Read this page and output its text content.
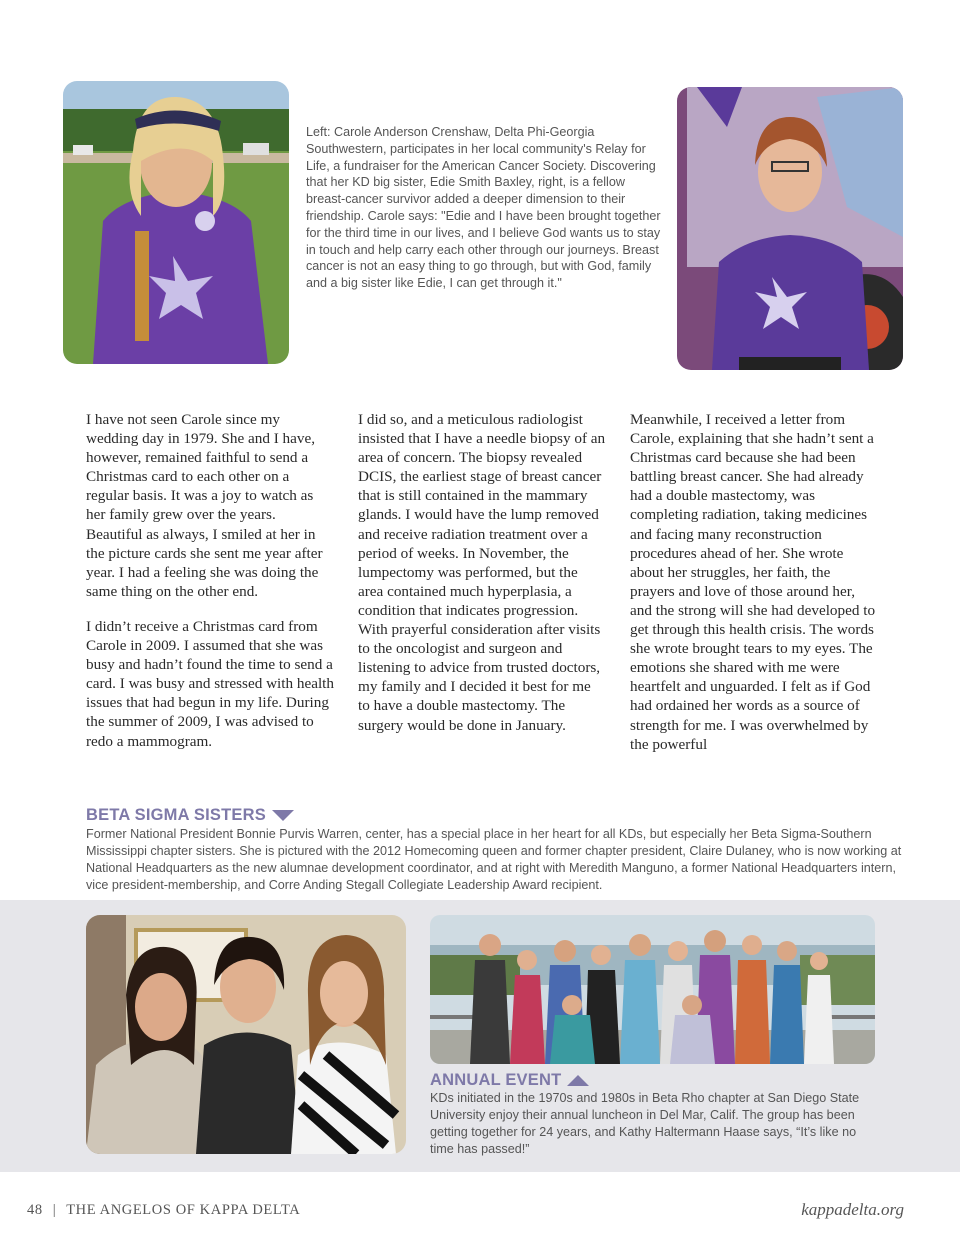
Left: Carole Anderson Crenshaw, Delta Phi-Georgia Southwestern, participates in her local community's Relay for Life, a fundraiser for the American Cancer Society. Discovering that her KD big sister, Edie Smith Baxley, right, is a fellow breast-cancer survivor added a deeper dimension to their friendship. Carole says: "Edie and I have been brought together for the third time in our lives, and I believe God wants us to stay in touch and help carry each other through our journeys. Breast cancer is not an easy thing to go through, but with God, family and a big sister like Edie, I can get through it."

I have not seen Carole since my wedding day in 1979. She and I have, however, remained faithful to send a Christmas card to each other on a regular basis. It was a joy to watch as her family grew over the years. Beautiful as always, I smiled at her in the picture cards she sent me year after year. I had a feeling she was doing the same thing on the other end.

I didn’t receive a Christmas card from Carole in 2009. I assumed that she was busy and hadn’t found the time to send a card. I was busy and stressed with health issues that had begun in my life. During the summer of 2009, I was advised to redo a mammogram.

I did so, and a meticulous radiologist insisted that I have a needle biopsy of an area of concern. The biopsy revealed DCIS, the earliest stage of breast cancer that is still contained in the mammary glands. I would have the lump removed and receive radiation treatment over a period of weeks. In November, the lumpectomy was performed, but the area contained much hyperplasia, a condition that indicates progression. With prayerful consideration after visits to the oncologist and surgeon and listening to advice from trusted doctors, my family and I decided it best for me to have a double mastectomy. The surgery would be done in January.

Meanwhile, I received a letter from Carole, explaining that she hadn’t sent a Christmas card because she had been battling breast cancer. She had already had a double mastectomy, was completing radiation, taking medicines and facing many reconstruction procedures ahead of her. She wrote about her struggles, her faith, the prayers and love of those around her, and the strong will she had developed to get through this health crisis. The words she wrote brought tears to my eyes. The emotions she shared with me were heartfelt and unguarded. I felt as if God had ordained her words as a source of strength for me. I was overwhelmed by the powerful

BETA SIGMA SISTERS
Former National President Bonnie Purvis Warren, center, has a special place in her heart for all KDs, but especially her Beta Sigma-Southern Mississippi chapter sisters. She is pictured with the 2012 Homecoming queen and former chapter president, Claire Dulaney, who is now working at National Headquarters as the new alumnae development coordinator, and at right with Meredith Manguno, a former National Headquarters intern, vice president-membership, and Corre Anding Stegall Collegiate Leadership Award recipient.
ANNUAL EVENT
KDs initiated in the 1970s and 1980s in Beta Rho chapter at San Diego State University enjoy their annual luncheon in Del Mar, Calif. The group has been getting together for 24 years, and Kathy Haltermann Haase says, “It’s like no time has passed!”
48 | THE ANGELOS OF KAPPA DELTA	kappadelta.org
